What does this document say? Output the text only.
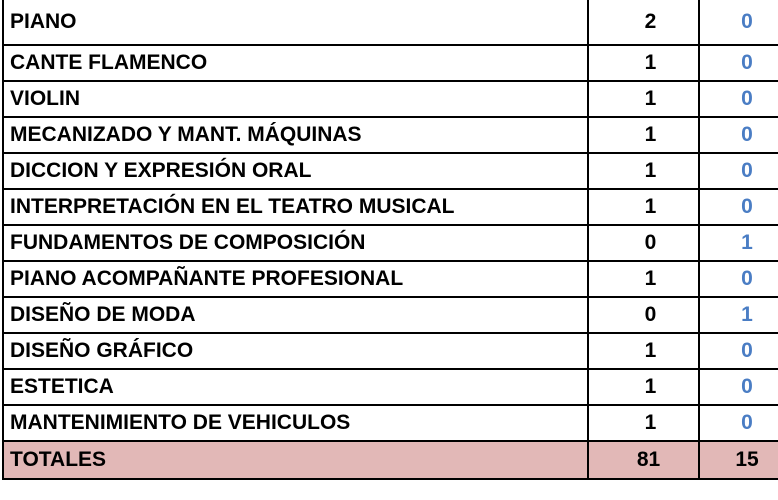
PIANO	2	0
CANTE FLAMENCO	1	0
VIOLIN	1	0
MECANIZADO Y MANT. MÁQUINAS	1	0
DICCION Y EXPRESIÓN ORAL	1	0
INTERPRETACIÓN EN EL TEATRO MUSICAL	1	0
FUNDAMENTOS DE COMPOSICIÓN	0	1
PIANO ACOMPAÑANTE PROFESIONAL	1	0
DISEÑO DE MODA	0	1
DISEÑO GRÁFICO	1	0
ESTETICA	1	0
MANTENIMIENTO DE VEHICULOS	1	0
TOTALES	81	15
